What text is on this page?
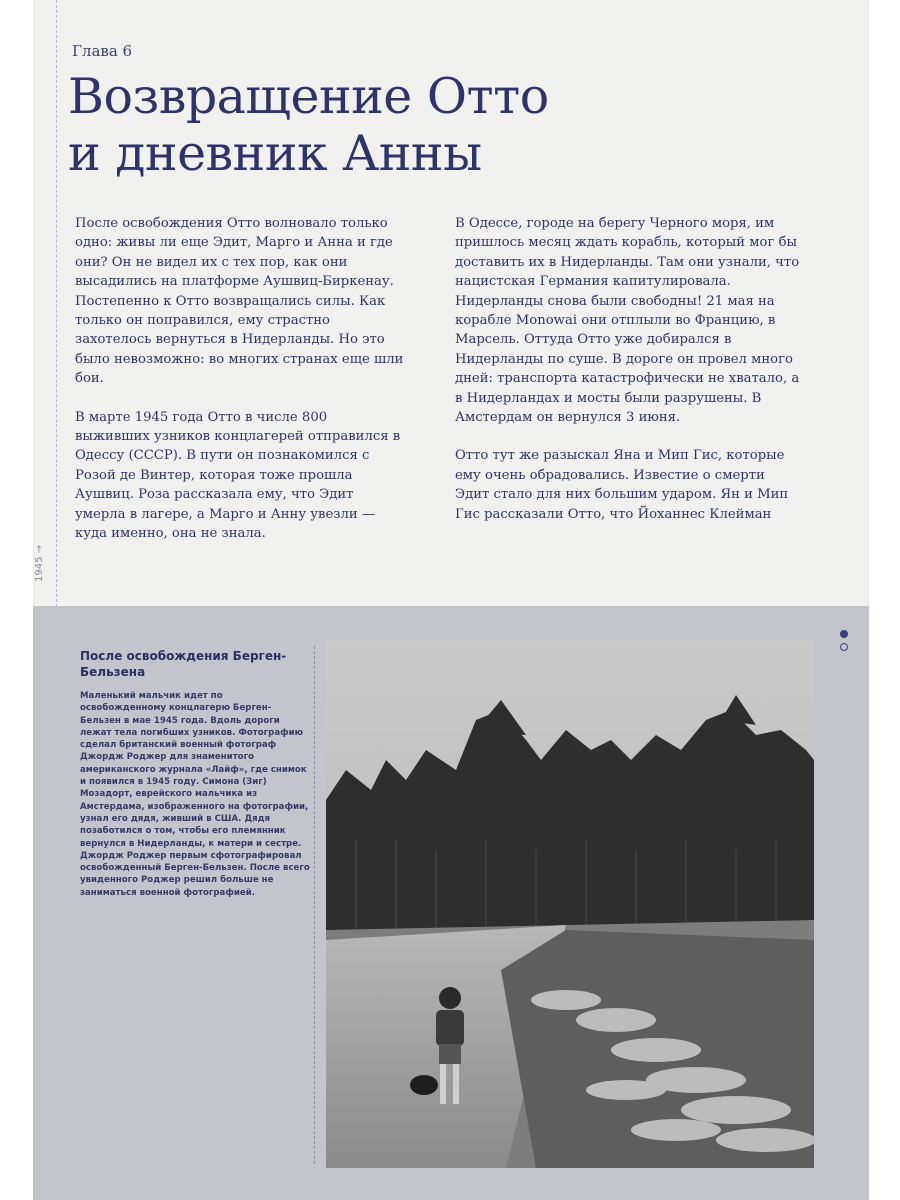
Глава 6
Возвращение Отто
и дневник Анны

После освобождения Отто волновало только одно: живы ли еще Эдит, Марго и Анна и где они? Он не видел их с тех пор, как они высадились на платформе Аушвиц-Биркенау. Постепенно к Отто возвращались силы. Как только он поправился, ему страстно захотелось вернуться в Нидерланды. Но это было невозможно: во многих странах еще шли бои.

В марте 1945 года Отто в числе 800 выживших узников концлагерей отправился в Одессу (СССР). В пути он познакомился с Розой де Винтер, которая тоже прошла Аушвиц. Роза рассказала ему, что Эдит умерла в лагере, а Марго и Анну увезли — куда именно, она не знала.

В Одессе, городе на берегу Черного моря, им пришлось месяц ждать корабль, который мог бы доставить их в Нидерланды. Там они узнали, что нацистская Германия капитулировала. Нидерланды снова были свободны! 21 мая на корабле Monowai они отплыли во Францию, в Марсель. Оттуда Отто уже добирался в Нидерланды по суше. В дороге он провел много дней: транспорта катастрофически не хватало, а в Нидерландах и мосты были разрушены. В Амстердам он вернулся 3 июня.

Отто тут же разыскал Яна и Мип Гис, которые ему очень обрадовались. Известие о смерти Эдит стало для них большим ударом. Ян и Мип Гис рассказали Отто, что Йоханнес Клейман

1945 →
После освобождения Берген-Бельзена

Маленький мальчик идет по освобожденному концлагерю Берген-Бельзен в мае 1945 года. Вдоль дороги лежат тела погибших узников. Фотографию сделал британский военный фотограф Джордж Роджер для знаменитого американского журнала «Лайф», где снимок и появился в 1945 году. Симона (Зиг) Мозадорт, еврейского мальчика из Амстердама, изображенного на фотографии, узнал его дядя, живший в США. Дядя позаботился о том, чтобы его племянник вернулся в Нидерланды, к матери и сестре. Джордж Роджер первым сфотографировал освобожденный Берген-Бельзен. После всего увиденного Роджер решил больше не заниматься военной фотографией.
